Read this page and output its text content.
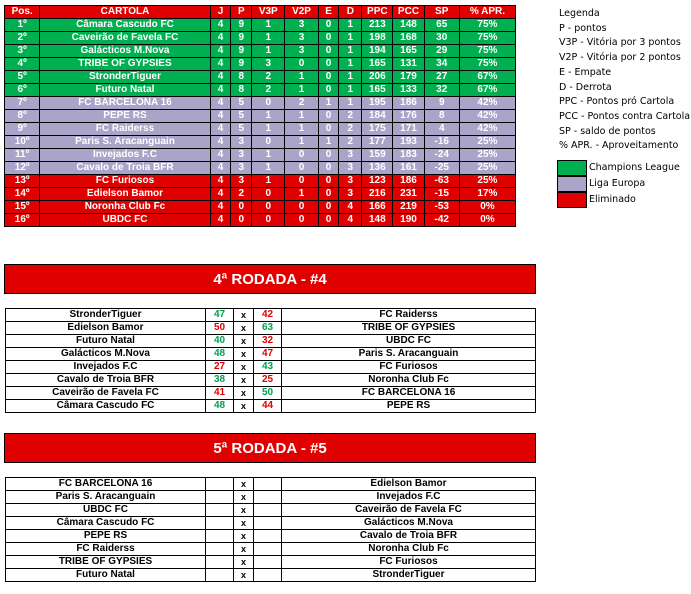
Pos.	CARTOLA	J	P	V3P	V2P	E	D	PPC	PCC	SP	% APR.
1º	Câmara Cascudo FC	4	9	1	3	0	1	213	148	65	75%
2º	Caveirão de Favela FC	4	9	1	3	0	1	198	168	30	75%
3º	Galácticos M.Nova	4	9	1	3	0	1	194	165	29	75%
4º	TRIBE OF GYPSIES	4	9	3	0	0	1	165	131	34	75%
5º	StronderTiguer	4	8	2	1	0	1	206	179	27	67%
6º	Futuro Natal	4	8	2	1	0	1	165	133	32	67%
7º	FC BARCELONA 16	4	5	0	2	1	1	195	186	9	42%
8º	PEPE RS	4	5	1	1	0	2	184	176	8	42%
9º	FC Raiderss	4	5	1	1	0	2	175	171	4	42%
10º	Paris S. Aracanguain	4	3	0	1	1	2	177	193	-16	25%
11º	Invejados F.C	4	3	1	0	0	3	159	183	-24	25%
12º	Cavalo de Troia BFR	4	3	1	0	0	3	136	161	-25	25%
13º	FC Furiosos	4	3	1	0	0	3	123	186	-63	25%
14º	Edielson Bamor	4	2	0	1	0	3	216	231	-15	17%
15º	Noronha Club Fc	4	0	0	0	0	4	166	219	-53	0%
16º	UBDC FC	4	0	0	0	0	4	148	190	-42	0%
Legenda
P - pontos
V3P - Vitória por 3 pontos
V2P - Vitória por 2 pontos
E - Empate
D - Derrota
PPC - Pontos pró Cartola
PCC - Pontos contra Cartola
SP - saldo de pontos
% APR. - Aproveitamento
Champions League
Liga Europa
Eliminado
4ª RODADA - #4
StronderTiguer	47	x	42	FC Raiderss
Edielson Bamor	50	x	63	TRIBE OF GYPSIES
Futuro Natal	40	x	32	UBDC FC
Galácticos M.Nova	48	x	47	Paris S. Aracanguain
Invejados F.C	27	x	43	FC Furiosos
Cavalo de Troia BFR	38	x	25	Noronha Club Fc
Caveirão de Favela FC	41	x	50	FC BARCELONA 16
Câmara Cascudo FC	48	x	44	PEPE RS
5ª RODADA - #5
FC BARCELONA 16		x		Edielson Bamor
Paris S. Aracanguain		x		Invejados F.C
UBDC FC		x		Caveirão de Favela FC
Câmara Cascudo FC		x		Galácticos M.Nova
PEPE RS		x		Cavalo de Troia BFR
FC Raiderss		x		Noronha Club Fc
TRIBE OF GYPSIES		x		FC Furiosos
Futuro Natal		x		StronderTiguer
